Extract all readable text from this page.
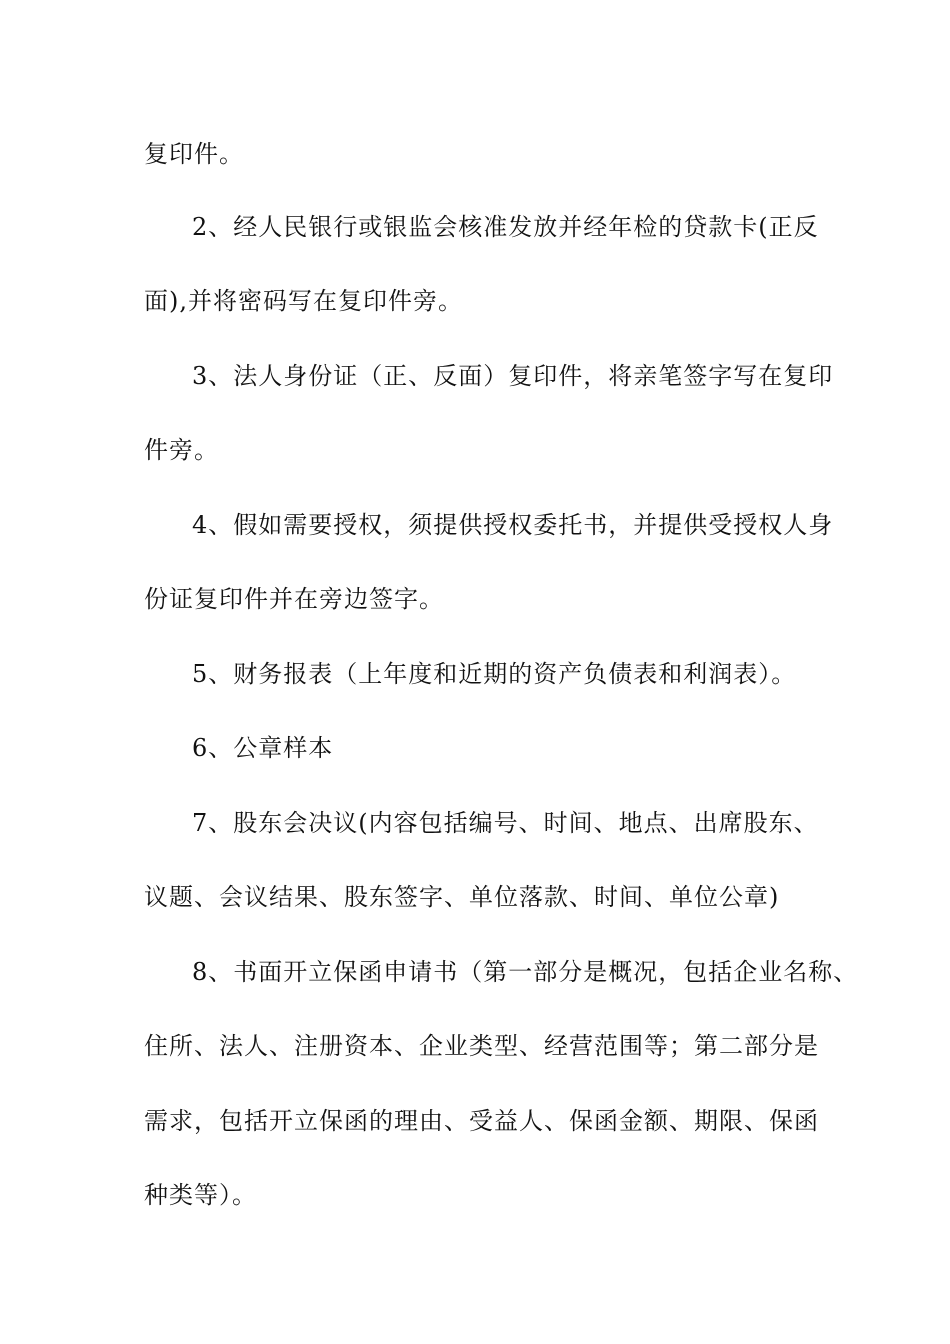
复印件。
2、经人民银行或银监会核准发放并经年检的贷款卡(正反
面),并将密码写在复印件旁。
3、法人身份证（正、反面）复印件，将亲笔签字写在复印
件旁。
4、假如需要授权，须提供授权委托书，并提供受授权人身
份证复印件并在旁边签字。
5、财务报表（上年度和近期的资产负债表和利润表）。
6、公章样本
7、股东会决议(内容包括编号、时间、地点、出席股东、
议题、会议结果、股东签字、单位落款、时间、单位公章)
8、书面开立保函申请书（第一部分是概况，包括企业名称、
住所、法人、注册资本、企业类型、经营范围等；第二部分是
需求，包括开立保函的理由、受益人、保函金额、期限、保函
种类等）。
